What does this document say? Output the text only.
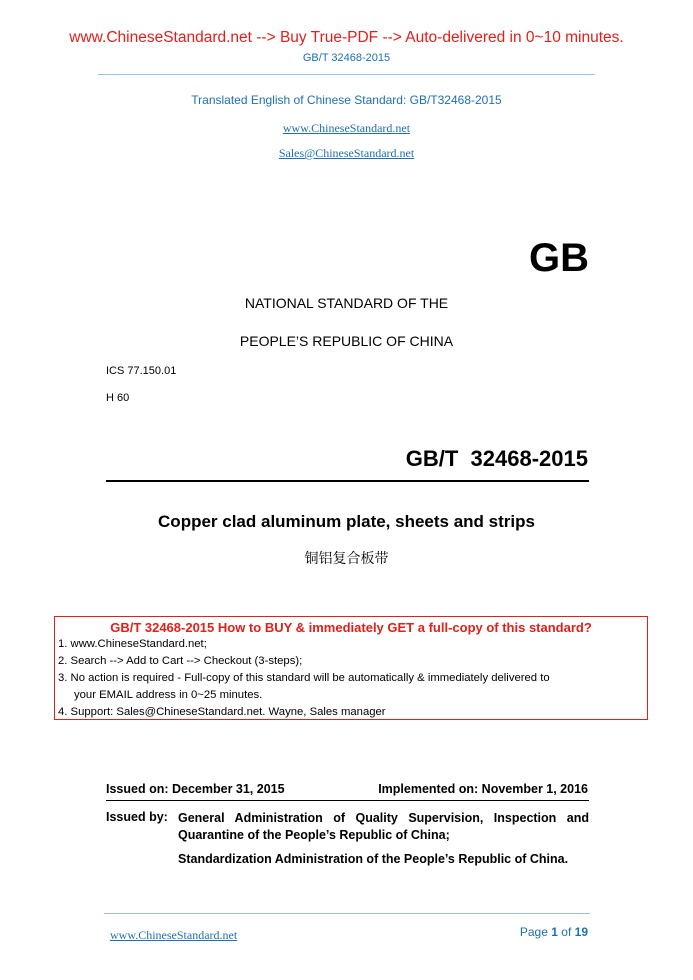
www.ChineseStandard.net --> Buy True-PDF --> Auto-delivered in 0~10 minutes.
GB/T 32468-2015
Translated English of Chinese Standard: GB/T32468-2015
www.ChineseStandard.net
Sales@ChineseStandard.net
GB
NATIONAL STANDARD OF THE
PEOPLE’S REPUBLIC OF CHINA
ICS 77.150.01
H 60
GB/T  32468-2015
Copper clad aluminum plate, sheets and strips
铜铝复合板带
GB/T 32468-2015 How to BUY & immediately GET a full-copy of this standard?
1. www.ChineseStandard.net;
2. Search --> Add to Cart --> Checkout (3-steps);
3. No action is required - Full-copy of this standard will be automatically & immediately delivered to
your EMAIL address in 0~25 minutes.
4. Support: Sales@ChineseStandard.net. Wayne, Sales manager
Issued on: December 31, 2015	Implemented on: November 1, 2016
Issued by: General Administration of Quality Supervision, Inspection and Quarantine of the People’s Republic of China;
Standardization Administration of the People’s Republic of China.
www.ChineseStandard.net	Page 1 of 19
